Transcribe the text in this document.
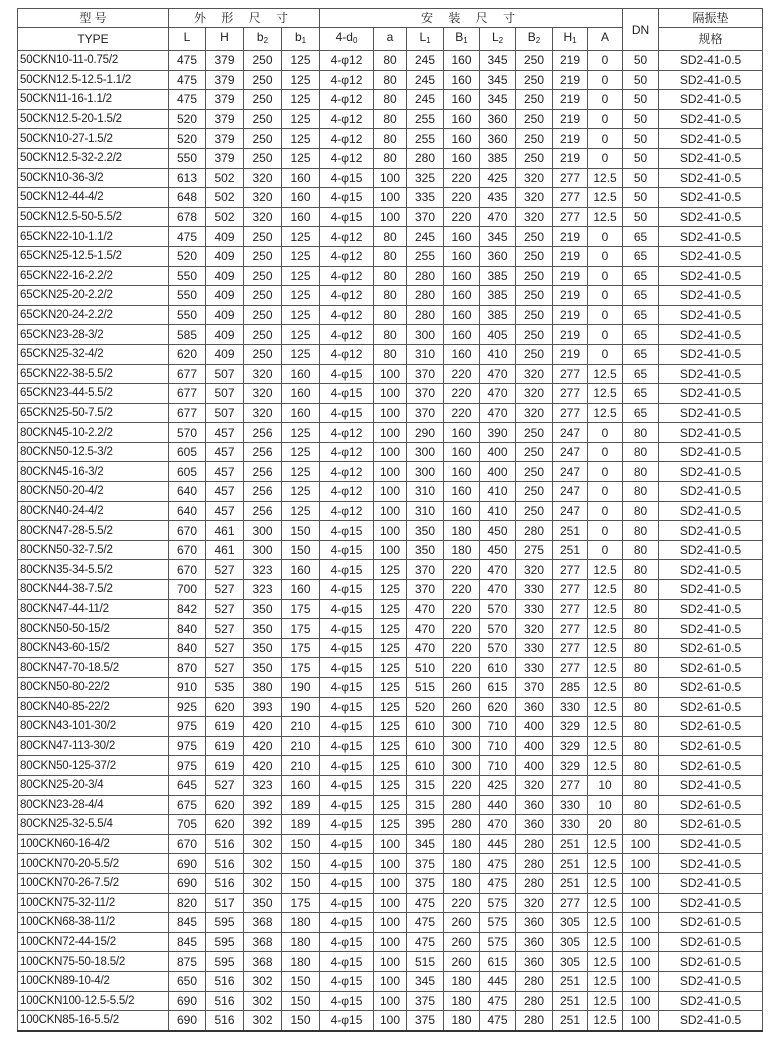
型 号	外 形 尺 寸				安 装 尺 寸								DN	隔振垫
TYPE	L	H	$b_2$	$b_1$	$4-d_0$	a	$L_1$	$B_1$	$L_2$	$B_2$	$H_1$	A		规格
50CKN10-11-0.75/2	475	379	250	125	4-φ12	80	245	160	345	250	219	0	50	SD2-41-0.5
50CKN12.5-12.5-1.1/2	475	379	250	125	4-φ12	80	245	160	345	250	219	0	50	SD2-41-0.5
50CKN11-16-1.1/2	475	379	250	125	4-φ12	80	245	160	345	250	219	0	50	SD2-41-0.5
50CKN12.5-20-1.5/2	520	379	250	125	4-φ12	80	255	160	360	250	219	0	50	SD2-41-0.5
50CKN10-27-1.5/2	520	379	250	125	4-φ12	80	255	160	360	250	219	0	50	SD2-41-0.5
50CKN12.5-32-2.2/2	550	379	250	125	4-φ12	80	280	160	385	250	219	0	50	SD2-41-0.5
50CKN10-36-3/2	613	502	320	160	4-φ15	100	325	220	425	320	277	12.5	50	SD2-41-0.5
50CKN12-44-4/2	648	502	320	160	4-φ15	100	335	220	435	320	277	12.5	50	SD2-41-0.5
50CKN12.5-50-5.5/2	678	502	320	160	4-φ15	100	370	220	470	320	277	12.5	50	SD2-41-0.5
65CKN22-10-1.1/2	475	409	250	125	4-φ12	80	245	160	345	250	219	0	65	SD2-41-0.5
65CKN25-12.5-1.5/2	520	409	250	125	4-φ12	80	255	160	360	250	219	0	65	SD2-41-0.5
65CKN22-16-2.2/2	550	409	250	125	4-φ12	80	280	160	385	250	219	0	65	SD2-41-0.5
65CKN25-20-2.2/2	550	409	250	125	4-φ12	80	280	160	385	250	219	0	65	SD2-41-0.5
65CKN20-24-2.2/2	550	409	250	125	4-φ12	80	280	160	385	250	219	0	65	SD2-41-0.5
65CKN23-28-3/2	585	409	250	125	4-φ12	80	300	160	405	250	219	0	65	SD2-41-0.5
65CKN25-32-4/2	620	409	250	125	4-φ12	80	310	160	410	250	219	0	65	SD2-41-0.5
65CKN22-38-5.5/2	677	507	320	160	4-φ15	100	370	220	470	320	277	12.5	65	SD2-41-0.5
65CKN23-44-5.5/2	677	507	320	160	4-φ15	100	370	220	470	320	277	12.5	65	SD2-41-0.5
65CKN25-50-7.5/2	677	507	320	160	4-φ15	100	370	220	470	320	277	12.5	65	SD2-41-0.5
80CKN45-10-2.2/2	570	457	256	125	4-φ12	100	290	160	390	250	247	0	80	SD2-41-0.5
80CKN50-12.5-3/2	605	457	256	125	4-φ12	100	300	160	400	250	247	0	80	SD2-41-0.5
80CKN45-16-3/2	605	457	256	125	4-φ12	100	300	160	400	250	247	0	80	SD2-41-0.5
80CKN50-20-4/2	640	457	256	125	4-φ12	100	310	160	410	250	247	0	80	SD2-41-0.5
80CKN40-24-4/2	640	457	256	125	4-φ12	100	310	160	410	250	247	0	80	SD2-41-0.5
80CKN47-28-5.5/2	670	461	300	150	4-φ15	100	350	180	450	280	251	0	80	SD2-41-0.5
80CKN50-32-7.5/2	670	461	300	150	4-φ15	100	350	180	450	275	251	0	80	SD2-41-0.5
80CKN35-34-5.5/2	670	527	323	160	4-φ15	125	370	220	470	320	277	12.5	80	SD2-41-0.5
80CKN44-38-7.5/2	700	527	323	160	4-φ15	125	370	220	470	330	277	12.5	80	SD2-41-0.5
80CKN47-44-11/2	842	527	350	175	4-φ15	125	470	220	570	330	277	12.5	80	SD2-41-0.5
80CKN50-50-15/2	840	527	350	175	4-φ15	125	470	220	570	320	277	12.5	80	SD2-41-0.5
80CKN43-60-15/2	840	527	350	175	4-φ15	125	470	220	570	330	277	12.5	80	SD2-61-0.5
80CKN47-70-18.5/2	870	527	350	175	4-φ15	125	510	220	610	330	277	12.5	80	SD2-61-0.5
80CKN50-80-22/2	910	535	380	190	4-φ15	125	515	260	615	370	285	12.5	80	SD2-61-0.5
80CKN40-85-22/2	925	620	393	190	4-φ15	125	520	260	620	360	330	12.5	80	SD2-61-0.5
80CKN43-101-30/2	975	619	420	210	4-φ15	125	610	300	710	400	329	12.5	80	SD2-61-0.5
80CKN47-113-30/2	975	619	420	210	4-φ15	125	610	300	710	400	329	12.5	80	SD2-61-0.5
80CKN50-125-37/2	975	619	420	210	4-φ15	125	610	300	710	400	329	12.5	80	SD2-61-0.5
80CKN25-20-3/4	645	527	323	160	4-φ15	125	315	220	425	320	277	10	80	SD2-41-0.5
80CKN23-28-4/4	675	620	392	189	4-φ15	125	315	280	440	360	330	10	80	SD2-61-0.5
80CKN25-32-5.5/4	705	620	392	189	4-φ15	125	395	280	470	360	330	20	80	SD2-61-0.5
100CKN60-16-4/2	670	516	302	150	4-φ15	100	345	180	445	280	251	12.5	100	SD2-41-0.5
100CKN70-20-5.5/2	690	516	302	150	4-φ15	100	375	180	475	280	251	12.5	100	SD2-41-0.5
100CKN70-26-7.5/2	690	516	302	150	4-φ15	100	375	180	475	280	251	12.5	100	SD2-41-0.5
100CKN75-32-11/2	820	517	350	175	4-φ15	100	475	220	575	320	277	12.5	100	SD2-41-0.5
100CKN68-38-11/2	845	595	368	180	4-φ15	100	475	260	575	360	305	12.5	100	SD2-61-0.5
100CKN72-44-15/2	845	595	368	180	4-φ15	100	475	260	575	360	305	12.5	100	SD2-61-0.5
100CKN75-50-18.5/2	875	595	368	180	4-φ15	100	515	260	615	360	305	12.5	100	SD2-61-0.5
100CKN89-10-4/2	650	516	302	150	4-φ15	100	345	180	445	280	251	12.5	100	SD2-41-0.5
100CKN100-12.5-5.5/2	690	516	302	150	4-φ15	100	375	180	475	280	251	12.5	100	SD2-41-0.5
100CKN85-16-5.5/2	690	516	302	150	4-φ15	100	375	180	475	280	251	12.5	100	SD2-41-0.5
